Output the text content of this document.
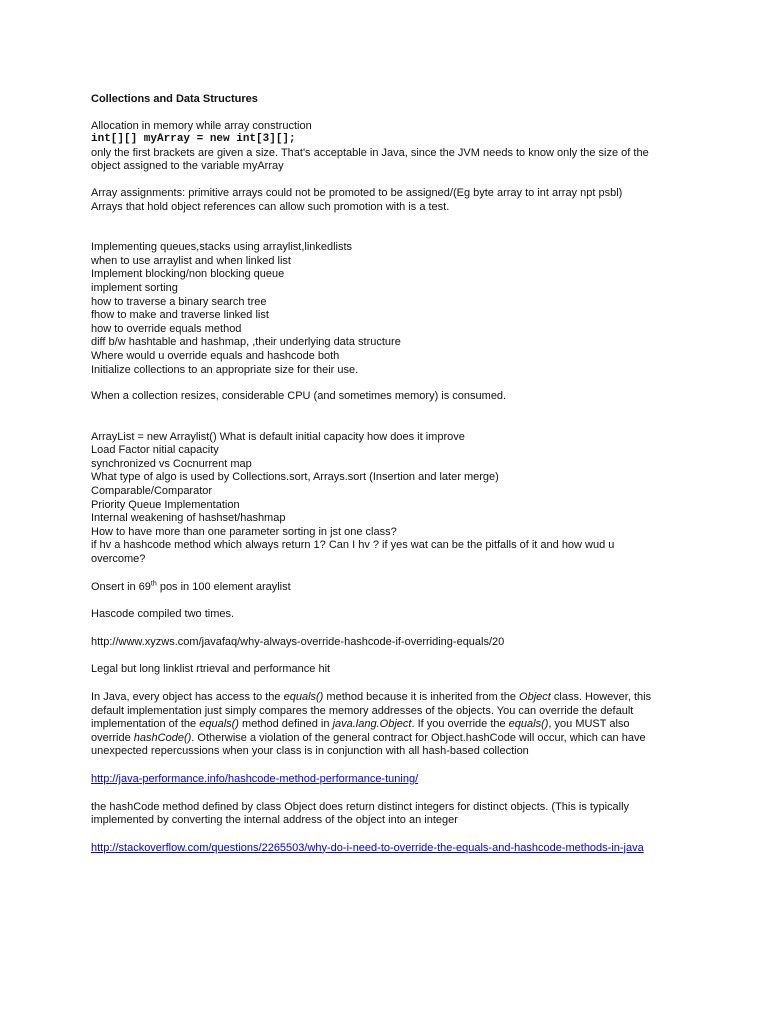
Collections and Data Structures

Allocation in memory while array construction
int[][] myArray = new int[3][];
only the first brackets are given a size. That's acceptable in Java, since the JVM needs to know only the size of the
object assigned to the variable myArray
Array assignments: primitive arrays could not be promoted to be assigned/(Eg byte array to int array npt psbl)
Arrays that hold object references can allow such promotion with is a test.
Implementing queues,stacks using arraylist,linkedlists
when to use arraylist and when linked list
Implement blocking/non blocking queue
implement sorting
how to traverse a binary search tree
fhow to make and traverse linked list
how to override equals method
diff b/w hashtable and hashmap, ,their underlying data structure
Where would u override equals and hashcode both
Initialize collections to an appropriate size for their use.

When a collection resizes, considerable CPU (and sometimes memory) is consumed.

ArrayList = new Arraylist() What is default initial capacity how does it improve
Load Factor nitial capacity
synchronized vs Cocnurrent map
What type of algo is used by Collections.sort, Arrays.sort (Insertion and later merge)
Comparable/Comparator
Priority Queue Implementation
Internal weakening of hashset/hashmap
How to have more than one parameter sorting in jst one class?
if hv a hashcode method which always return 1? Can I hv ? if yes wat can be the pitfalls of it and how wud u
overcome?

Onsert in 69th pos in 100 element araylist

Hascode compiled two times.

http://www.xyzws.com/javafaq/why-always-override-hashcode-if-overriding-equals/20

Legal but long linklist rtrieval and performance hit

In Java, every object has access to the equals() method because it is inherited from the Object class. However, this
default implementation just simply compares the memory addresses of the objects. You can override the default
implementation of the equals() method defined in java.lang.Object. If you override the equals(), you MUST also
override hashCode(). Otherwise a violation of the general contract for Object.hashCode will occur, which can have
unexpected repercussions when your class is in conjunction with all hash-based collection

http://java-performance.info/hashcode-method-performance-tuning/

the hashCode method defined by class Object does return distinct integers for distinct objects. (This is typically
implemented by converting the internal address of the object into an integer

http://stackoverflow.com/questions/2265503/why-do-i-need-to-override-the-equals-and-hashcode-methods-in-java
